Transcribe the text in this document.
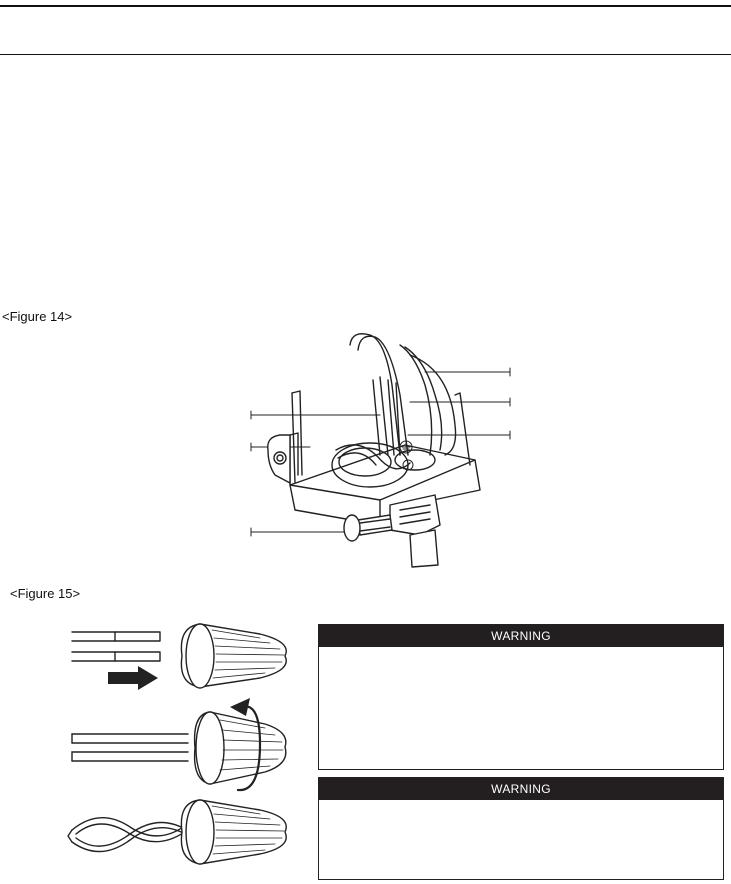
<Figure 14>
<Figure 15>
WARNING
WARNING
